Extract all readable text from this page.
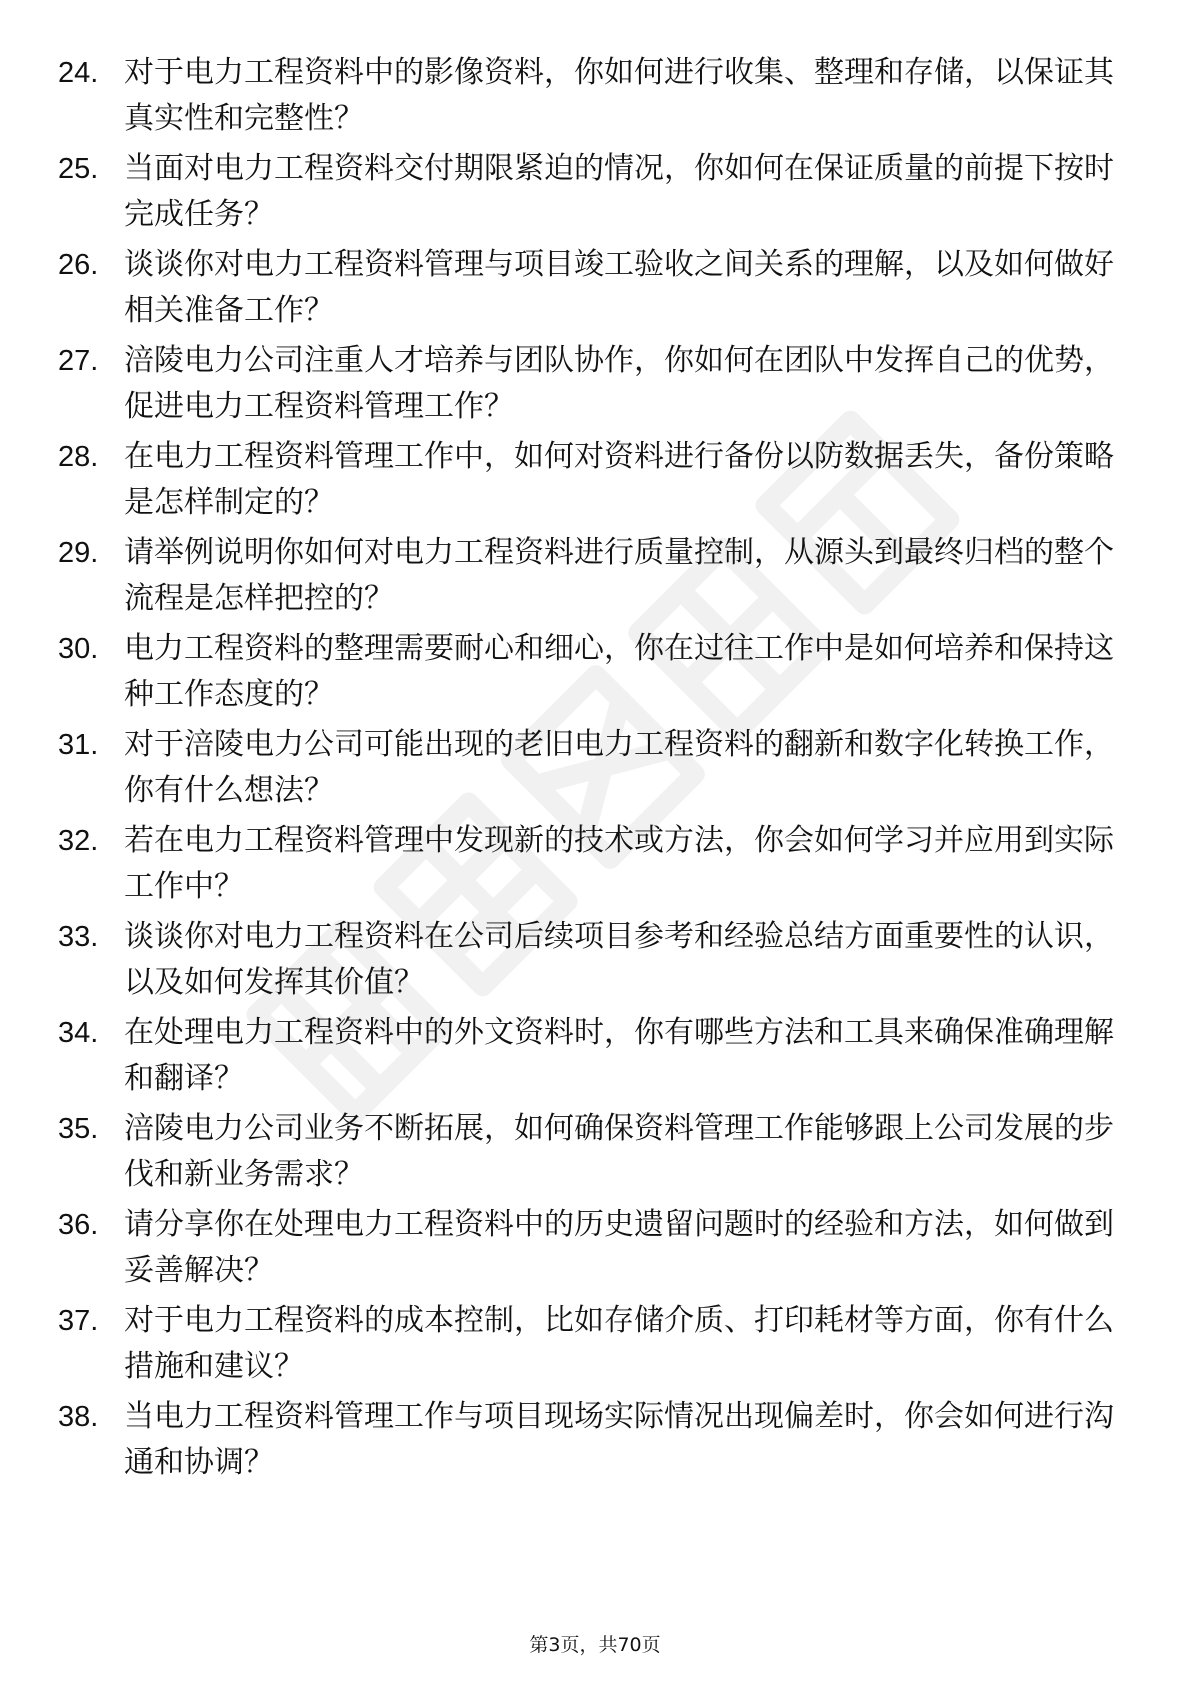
24. 对于电力工程资料中的影像资料，你如何进行收集、整理和存储，以保证其真实性和完整性？
25. 当面对电力工程资料交付期限紧迫的情况，你如何在保证质量的前提下按时完成任务？
26. 谈谈你对电力工程资料管理与项目竣工验收之间关系的理解，以及如何做好相关准备工作？
27. 涪陵电力公司注重人才培养与团队协作，你如何在团队中发挥自己的优势，促进电力工程资料管理工作？
28. 在电力工程资料管理工作中，如何对资料进行备份以防数据丢失，备份策略是怎样制定的？
29. 请举例说明你如何对电力工程资料进行质量控制，从源头到最终归档的整个流程是怎样把控的？
30. 电力工程资料的整理需要耐心和细心，你在过往工作中是如何培养和保持这种工作态度的？
31. 对于涪陵电力公司可能出现的老旧电力工程资料的翻新和数字化转换工作，你有什么想法？
32. 若在电力工程资料管理中发现新的技术或方法，你会如何学习并应用到实际工作中？
33. 谈谈你对电力工程资料在公司后续项目参考和经验总结方面重要性的认识，以及如何发挥其价值？
34. 在处理电力工程资料中的外文资料时，你有哪些方法和工具来确保准确理解和翻译？
35. 涪陵电力公司业务不断拓展，如何确保资料管理工作能够跟上公司发展的步伐和新业务需求？
36. 请分享你在处理电力工程资料中的历史遗留问题时的经验和方法，如何做到妥善解决？
37. 对于电力工程资料的成本控制，比如存储介质、打印耗材等方面，你有什么措施和建议？
38. 当电力工程资料管理工作与项目现场实际情况出现偏差时，你会如何进行沟通和协调？
第3页，共70页
